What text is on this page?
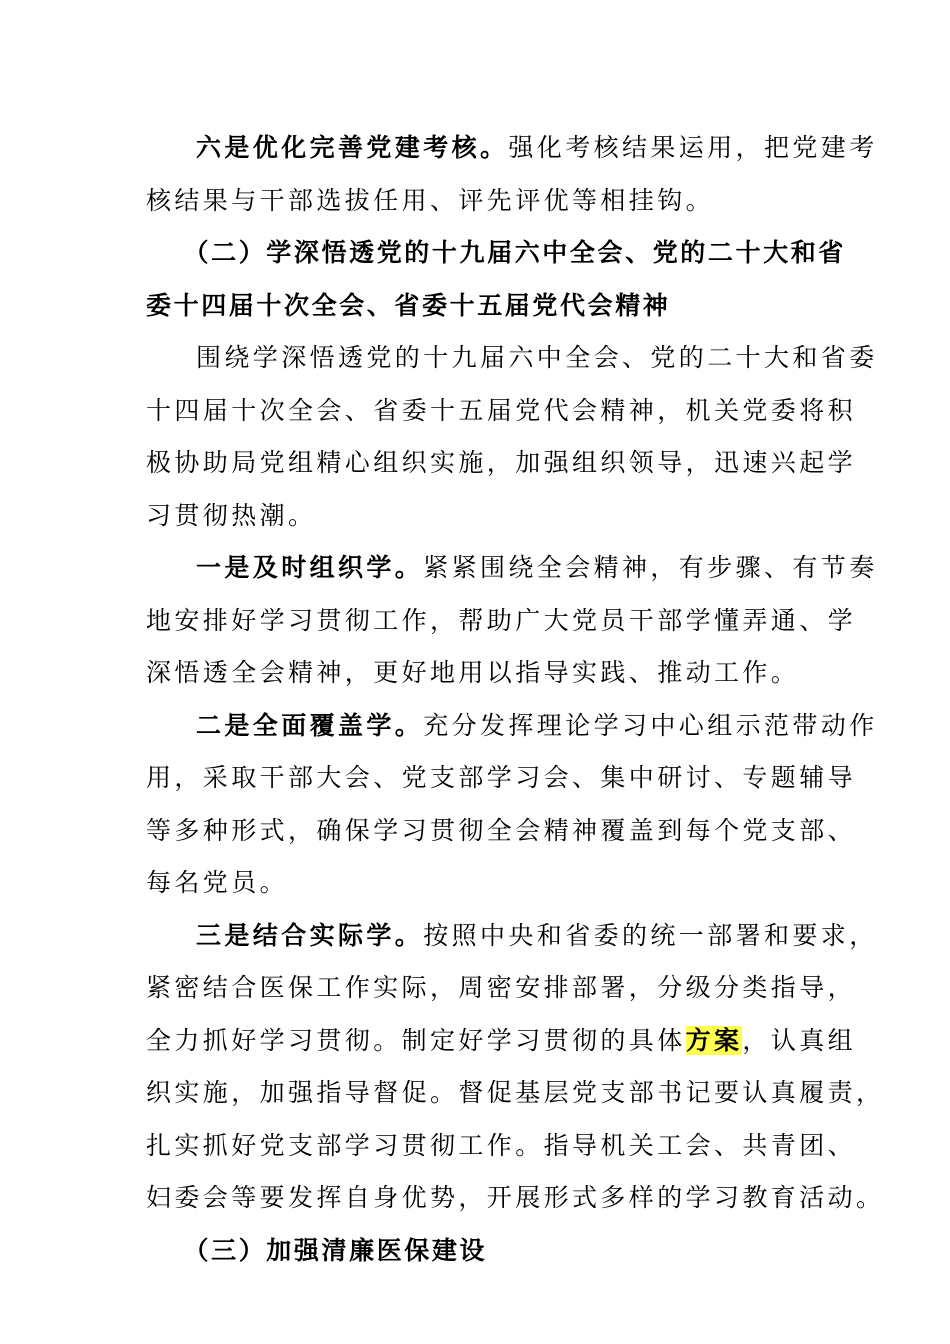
六是优化完善党建考核。强化考核结果运用，把党建考
核结果与干部选拔任用、评先评优等相挂钩。

（二）学深悟透党的十九届六中全会、党的二十大和省
委十四届十次全会、省委十五届党代会精神

围绕学深悟透党的十九届六中全会、党的二十大和省委
十四届十次全会、省委十五届党代会精神，机关党委将积
极协助局党组精心组织实施，加强组织领导，迅速兴起学
习贯彻热潮。

一是及时组织学。紧紧围绕全会精神，有步骤、有节奏
地安排好学习贯彻工作，帮助广大党员干部学懂弄通、学
深悟透全会精神，更好地用以指导实践、推动工作。

二是全面覆盖学。充分发挥理论学习中心组示范带动作
用，采取干部大会、党支部学习会、集中研讨、专题辅导
等多种形式，确保学习贯彻全会精神覆盖到每个党支部、
每名党员。

三是结合实际学。按照中央和省委的统一部署和要求，
紧密结合医保工作实际，周密安排部署，分级分类指导，
全力抓好学习贯彻。制定好学习贯彻的具体方案，认真组
织实施，加强指导督促。督促基层党支部书记要认真履责，
扎实抓好党支部学习贯彻工作。指导机关工会、共青团、
妇委会等要发挥自身优势，开展形式多样的学习教育活动。

（三）加强清廉医保建设
